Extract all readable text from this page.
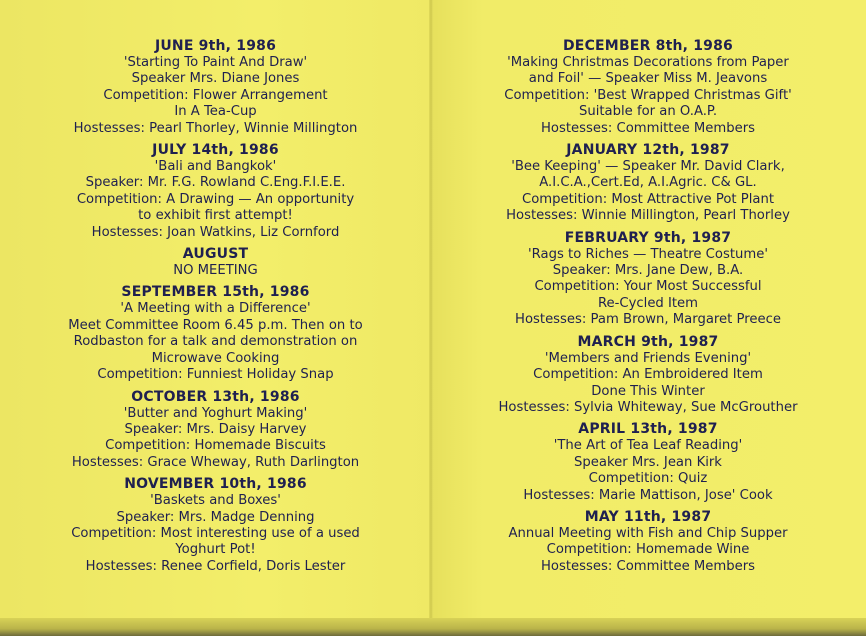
JUNE 9th, 1986
'Starting To Paint And Draw'
Speaker Mrs. Diane Jones
Competition: Flower Arrangement
In A Tea-Cup
Hostesses: Pearl Thorley, Winnie Millington
JULY 14th, 1986
'Bali and Bangkok'
Speaker: Mr. F.G. Rowland C.Eng.F.I.E.E.
Competition: A Drawing — An opportunity
to exhibit first attempt!
Hostesses: Joan Watkins, Liz Cornford
AUGUST
NO MEETING
SEPTEMBER 15th, 1986
'A Meeting with a Difference'
Meet Committee Room 6.45 p.m. Then on to
Rodbaston for a talk and demonstration on
Microwave Cooking
Competition: Funniest Holiday Snap
OCTOBER 13th, 1986
'Butter and Yoghurt Making'
Speaker: Mrs. Daisy Harvey
Competition: Homemade Biscuits
Hostesses: Grace Wheway, Ruth Darlington
NOVEMBER 10th, 1986
'Baskets and Boxes'
Speaker: Mrs. Madge Denning
Competition: Most interesting use of a used
Yoghurt Pot!
Hostesses: Renee Corfield, Doris Lester
DECEMBER 8th, 1986
'Making Christmas Decorations from Paper
and Foil' — Speaker Miss M. Jeavons
Competition: 'Best Wrapped Christmas Gift'
Suitable for an O.A.P.
Hostesses: Committee Members
JANUARY 12th, 1987
'Bee Keeping' — Speaker Mr. David Clark,
A.I.C.A.,Cert.Ed, A.I.Agric. C& GL.
Competition: Most Attractive Pot Plant
Hostesses: Winnie Millington, Pearl Thorley
FEBRUARY 9th, 1987
'Rags to Riches — Theatre Costume'
Speaker: Mrs. Jane Dew, B.A.
Competition: Your Most Successful
Re-Cycled Item
Hostesses: Pam Brown, Margaret Preece
MARCH 9th, 1987
'Members and Friends Evening'
Competition: An Embroidered Item
Done This Winter
Hostesses: Sylvia Whiteway, Sue McGrouther
APRIL 13th, 1987
'The Art of Tea Leaf Reading'
Speaker Mrs. Jean Kirk
Competition: Quiz
Hostesses: Marie Mattison, Jose' Cook
MAY 11th, 1987
Annual Meeting with Fish and Chip Supper
Competition: Homemade Wine
Hostesses: Committee Members
